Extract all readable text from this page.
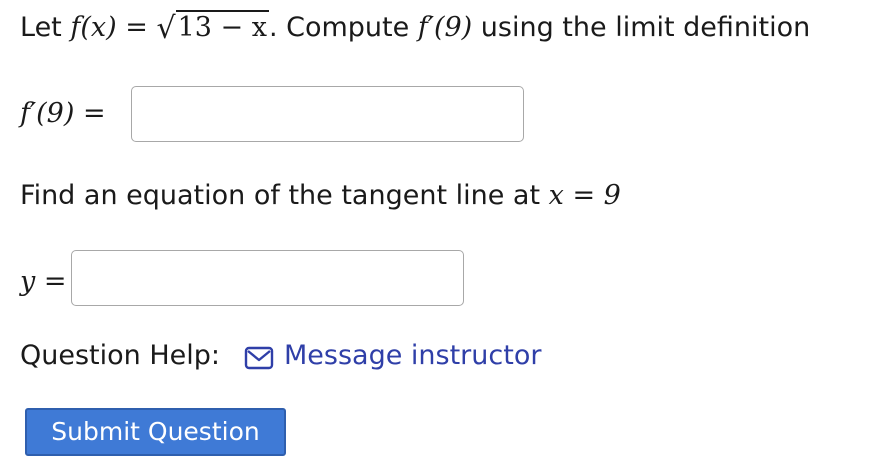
Let f(x) = √13 − x. Compute f′(9) using the limit definition
f′(9) =
Find an equation of the tangent line at x = 9
y =
Question Help: Message instructor
Submit Question
